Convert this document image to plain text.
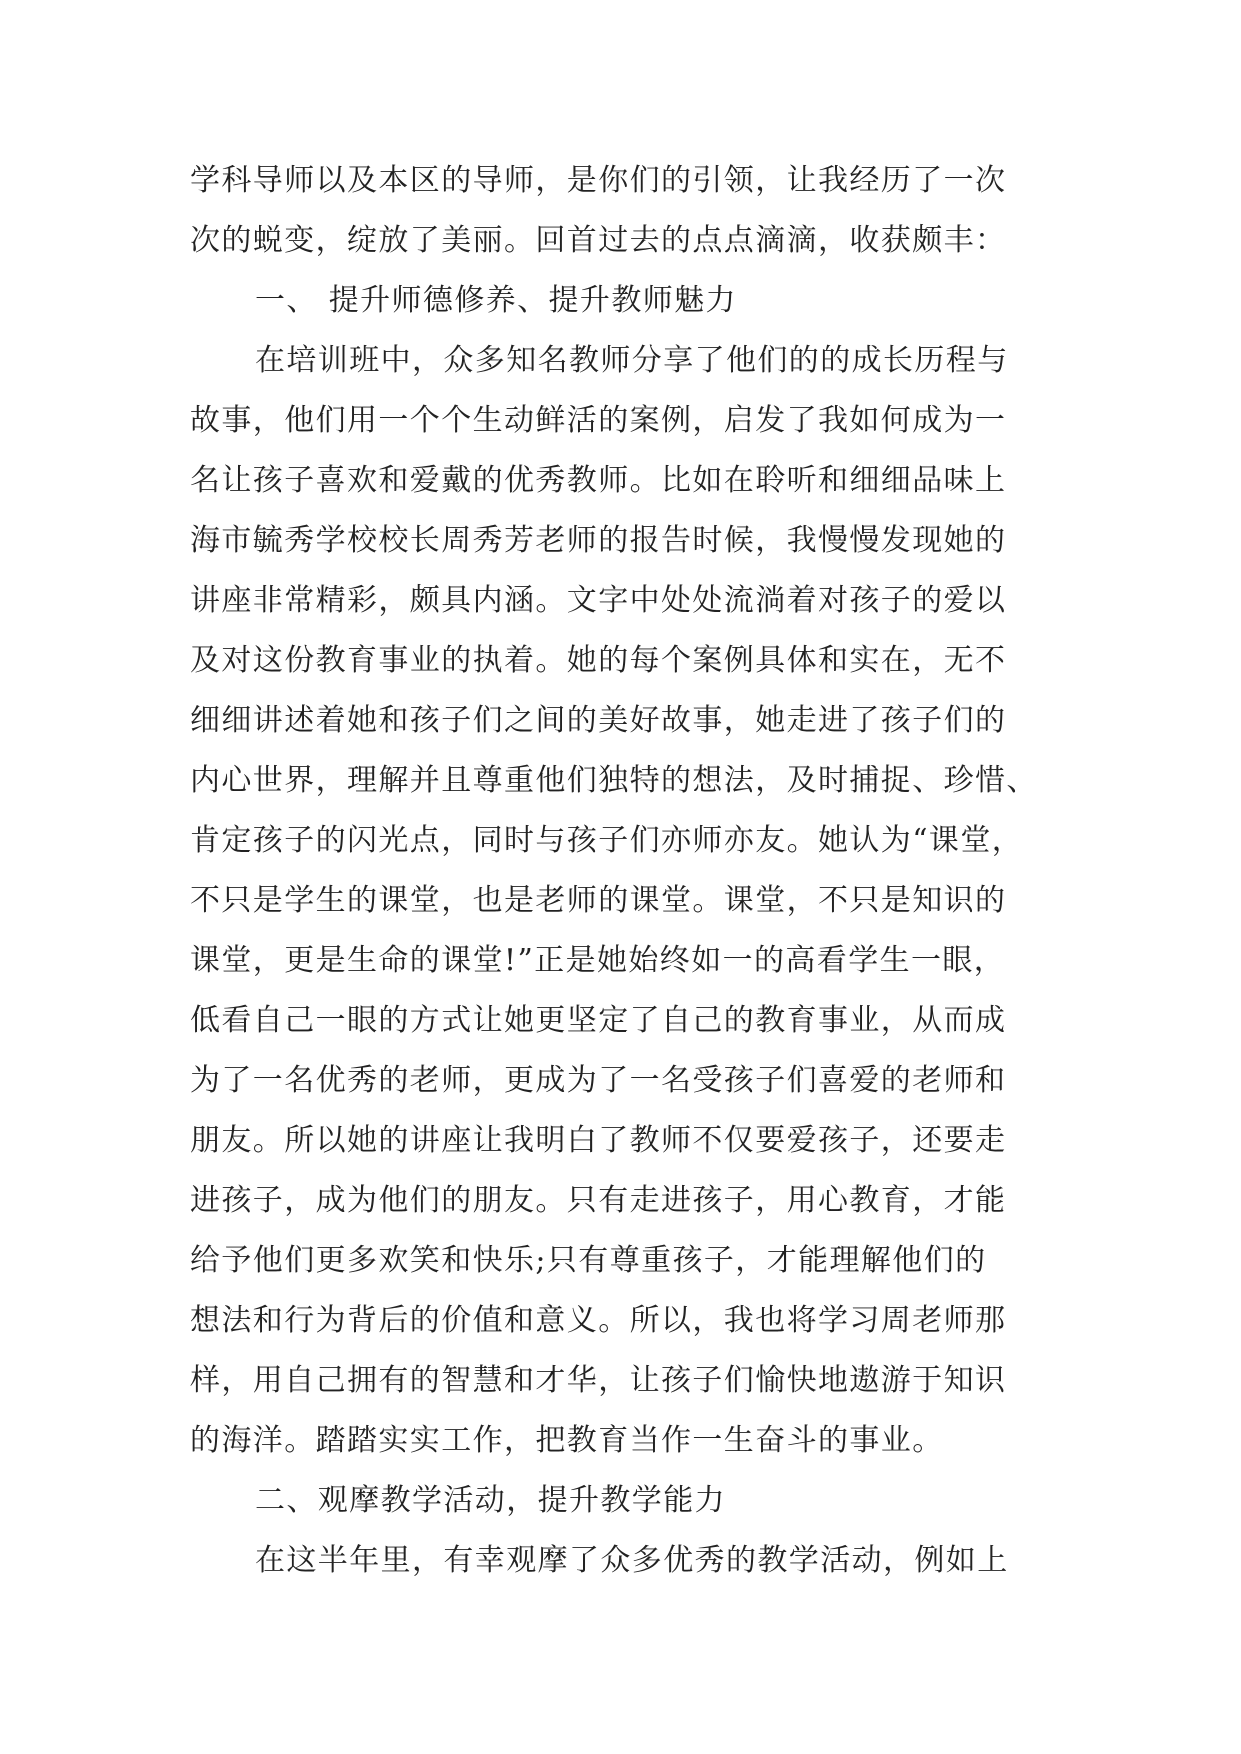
学科导师以及本区的导师，是你们的引领，让我经历了一次
次的蜕变，绽放了美丽。回首过去的点点滴滴，收获颇丰：
一、 提升师德修养、提升教师魅力
在培训班中，众多知名教师分享了他们的的成长历程与
故事，他们用一个个生动鲜活的案例，启发了我如何成为一
名让孩子喜欢和爱戴的优秀教师。比如在聆听和细细品味上
海市毓秀学校校长周秀芳老师的报告时候，我慢慢发现她的
讲座非常精彩，颇具内涵。文字中处处流淌着对孩子的爱以
及对这份教育事业的执着。她的每个案例具体和实在，无不
细细讲述着她和孩子们之间的美好故事，她走进了孩子们的
内心世界，理解并且尊重他们独特的想法，及时捕捉、珍惜、
肯定孩子的闪光点，同时与孩子们亦师亦友。她认为“课堂，
不只是学生的课堂，也是老师的课堂。课堂，不只是知识的
课堂，更是生命的课堂!”正是她始终如一的高看学生一眼，
低看自己一眼的方式让她更坚定了自己的教育事业，从而成
为了一名优秀的老师，更成为了一名受孩子们喜爱的老师和
朋友。所以她的讲座让我明白了教师不仅要爱孩子，还要走
进孩子，成为他们的朋友。只有走进孩子，用心教育，才能
给予他们更多欢笑和快乐;只有尊重孩子，才能理解他们的
想法和行为背后的价值和意义。所以，我也将学习周老师那
样，用自己拥有的智慧和才华，让孩子们愉快地遨游于知识
的海洋。踏踏实实工作，把教育当作一生奋斗的事业。
二、观摩教学活动，提升教学能力
在这半年里，有幸观摩了众多优秀的教学活动，例如上
